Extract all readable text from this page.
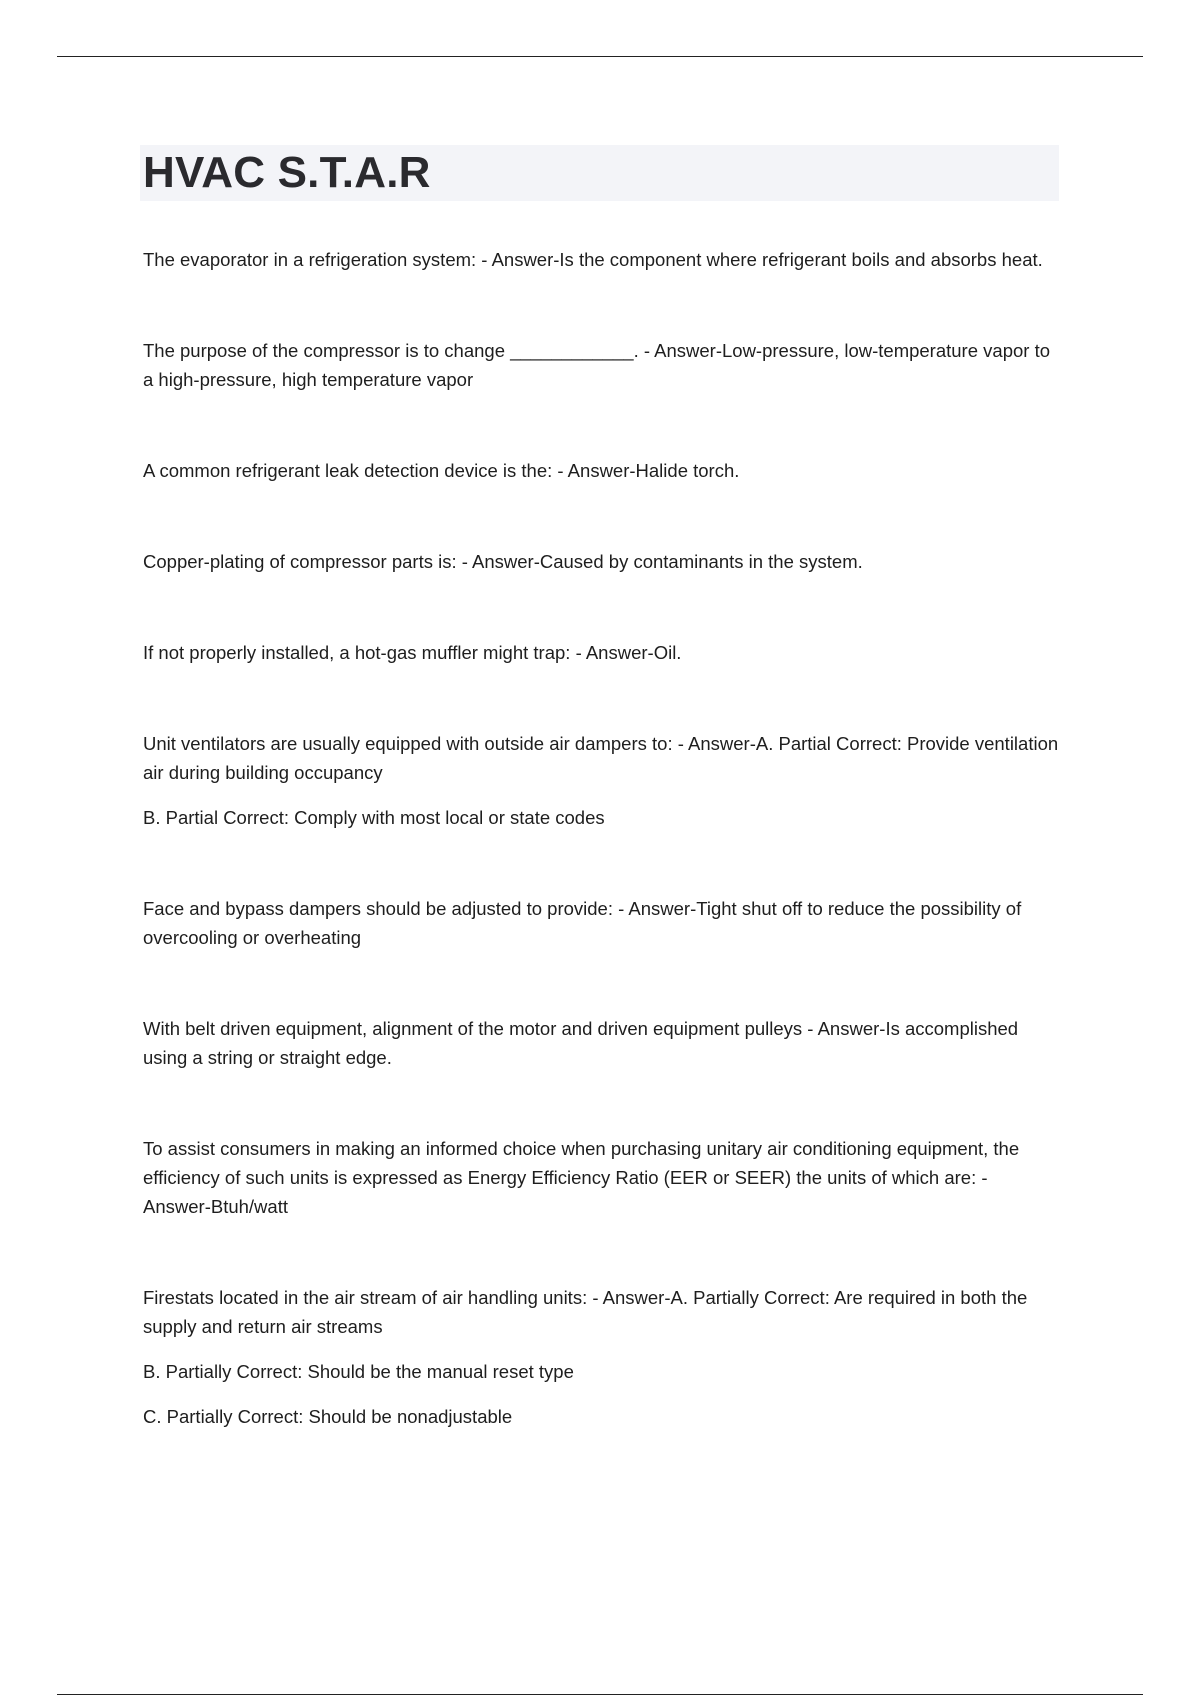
HVAC S.T.A.R

The evaporator in a refrigeration system: - Answer-Is the component where refrigerant boils and absorbs heat.

The purpose of the compressor is to change ____________. - Answer-Low-pressure, low-temperature vapor to a high-pressure, high temperature vapor

A common refrigerant leak detection device is the: - Answer-Halide torch.

Copper-plating of compressor parts is: - Answer-Caused by contaminants in the system.

If not properly installed, a hot-gas muffler might trap: - Answer-Oil.

Unit ventilators are usually equipped with outside air dampers to: - Answer-A. Partial Correct: Provide ventilation air during building occupancy

B. Partial Correct: Comply with most local or state codes

Face and bypass dampers should be adjusted to provide: - Answer-Tight shut off to reduce the possibility of overcooling or overheating

With belt driven equipment, alignment of the motor and driven equipment pulleys - Answer-Is accomplished using a string or straight edge.

To assist consumers in making an informed choice when purchasing unitary air conditioning equipment, the efficiency of such units is expressed as Energy Efficiency Ratio (EER or SEER) the units of which are: - Answer-Btuh/watt

Firestats located in the air stream of air handling units: - Answer-A. Partially Correct: Are required in both the supply and return air streams

B. Partially Correct: Should be the manual reset type

C. Partially Correct: Should be nonadjustable
